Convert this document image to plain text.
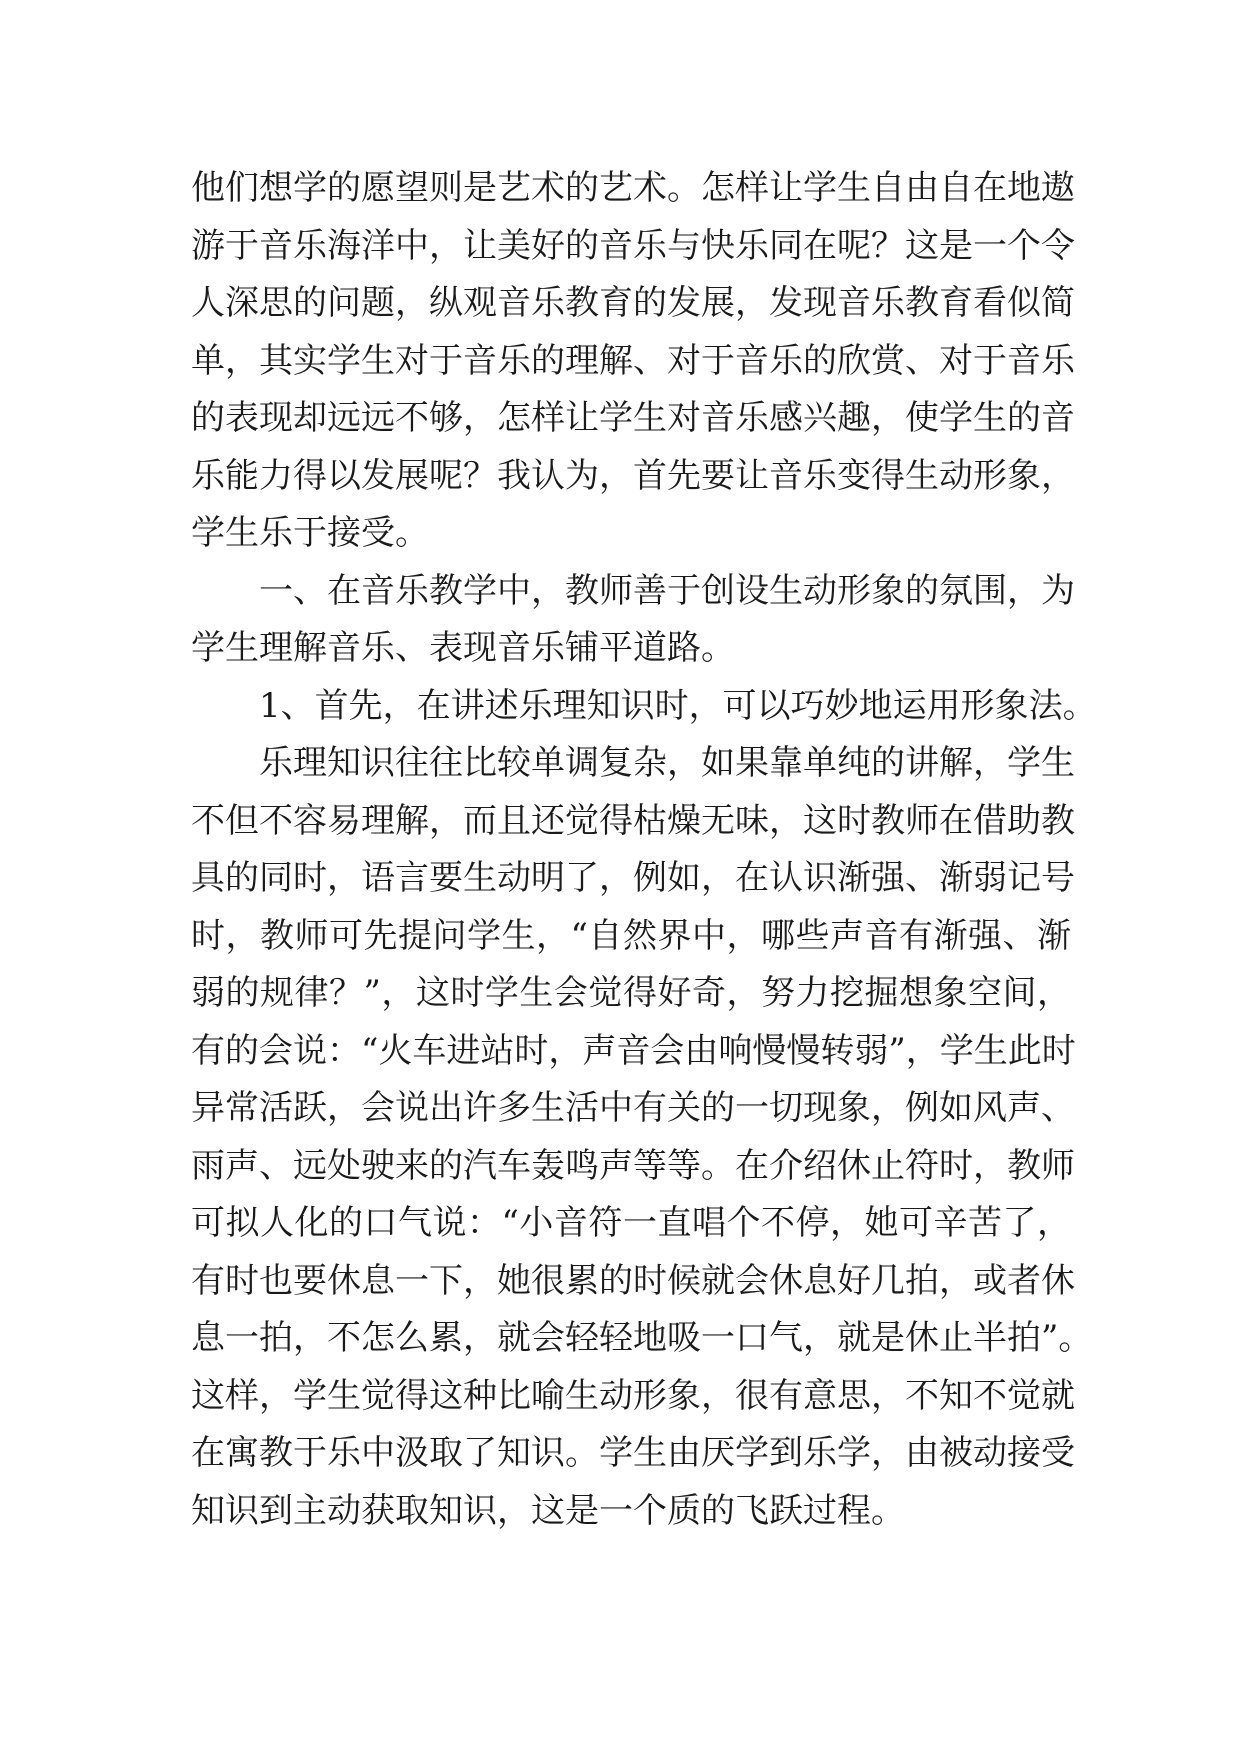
他们想学的愿望则是艺术的艺术。怎样让学生自由自在地遨
游于音乐海洋中，让美好的音乐与快乐同在呢？这是一个令
人深思的问题，纵观音乐教育的发展，发现音乐教育看似简
单，其实学生对于音乐的理解、对于音乐的欣赏、对于音乐
的表现却远远不够，怎样让学生对音乐感兴趣，使学生的音
乐能力得以发展呢？我认为，首先要让音乐变得生动形象，
学生乐于接受。
一、在音乐教学中，教师善于创设生动形象的氛围，为
学生理解音乐、表现音乐铺平道路。
1、首先，在讲述乐理知识时，可以巧妙地运用形象法。
乐理知识往往比较单调复杂，如果靠单纯的讲解，学生
不但不容易理解，而且还觉得枯燥无味，这时教师在借助教
具的同时，语言要生动明了，例如，在认识渐强、渐弱记号
时，教师可先提问学生，“自然界中，哪些声音有渐强、渐
弱的规律？”，这时学生会觉得好奇，努力挖掘想象空间，
有的会说：“火车进站时，声音会由响慢慢转弱”，学生此时
异常活跃，会说出许多生活中有关的一切现象，例如风声、
雨声、远处驶来的汽车轰鸣声等等。在介绍休止符时，教师
可拟人化的口气说：“小音符一直唱个不停，她可辛苦了，
有时也要休息一下，她很累的时候就会休息好几拍，或者休
息一拍，不怎么累，就会轻轻地吸一口气，就是休止半拍”。
这样，学生觉得这种比喻生动形象，很有意思，不知不觉就
在寓教于乐中汲取了知识。学生由厌学到乐学，由被动接受
知识到主动获取知识，这是一个质的飞跃过程。
